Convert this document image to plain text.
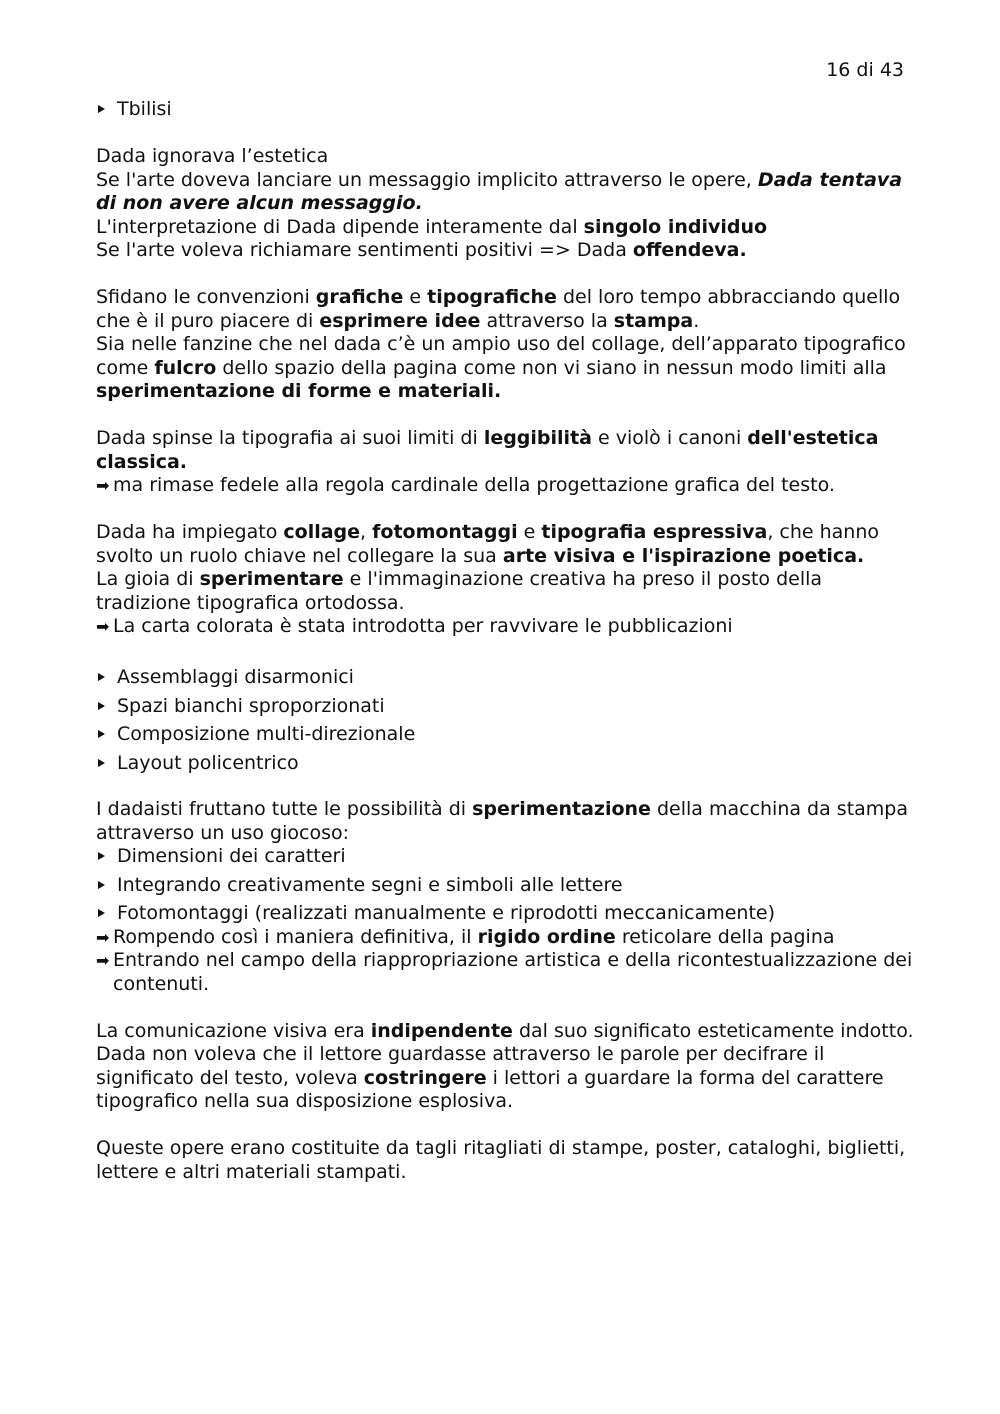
16 di 43
Tbilisi

Dada ignorava l’estetica

Se l'arte doveva lanciare un messaggio implicito attraverso le opere, Dada tentava di non avere alcun messaggio.

L'interpretazione di Dada dipende interamente dal singolo individuo

Se l'arte voleva richiamare sentimenti positivi => Dada offendeva.

Sfidano le convenzioni grafiche e tipografiche del loro tempo abbracciando quello che è il puro piacere di esprimere idee attraverso la stampa.

Sia nelle fanzine che nel dada c’è un ampio uso del collage, dell’apparato tipografico come fulcro dello spazio della pagina come non vi siano in nessun modo limiti alla sperimentazione di forme e materiali.

Dada spinse la tipografia ai suoi limiti di leggibilità e violò i canoni dell'estetica classica.

➡ ma rimase fedele alla regola cardinale della progettazione grafica del testo.

Dada ha impiegato collage, fotomontaggi e tipografia espressiva, che hanno svolto un ruolo chiave nel collegare la sua arte visiva e l'ispirazione poetica.

La gioia di sperimentare e l'immaginazione creativa ha preso il posto della tradizione tipografica ortodossa.

➡ La carta colorata è stata introdotta per ravvivare le pubblicazioni

Assemblaggi disarmonici
Spazi bianchi sproporzionati
Composizione multi-direzionale
Layout policentrico

I dadaisti fruttano tutte le possibilità di sperimentazione della macchina da stampa attraverso un uso giocoso:

Dimensioni dei caratteri
Integrando creativamente segni e simboli alle lettere
Fotomontaggi (realizzati manualmente e riprodotti meccanicamente)

➡ Rompendo così i maniera definitiva, il rigido ordine reticolare della pagina

➡ Entrando nel campo della riappropriazione artistica e della ricontestualizzazione dei contenuti.

La comunicazione visiva era indipendente dal suo significato esteticamente indotto.

Dada non voleva che il lettore guardasse attraverso le parole per decifrare il significato del testo, voleva costringere i lettori a guardare la forma del carattere tipografico nella sua disposizione esplosiva.

Queste opere erano costituite da tagli ritagliati di stampe, poster, cataloghi, biglietti, lettere e altri materiali stampati.
